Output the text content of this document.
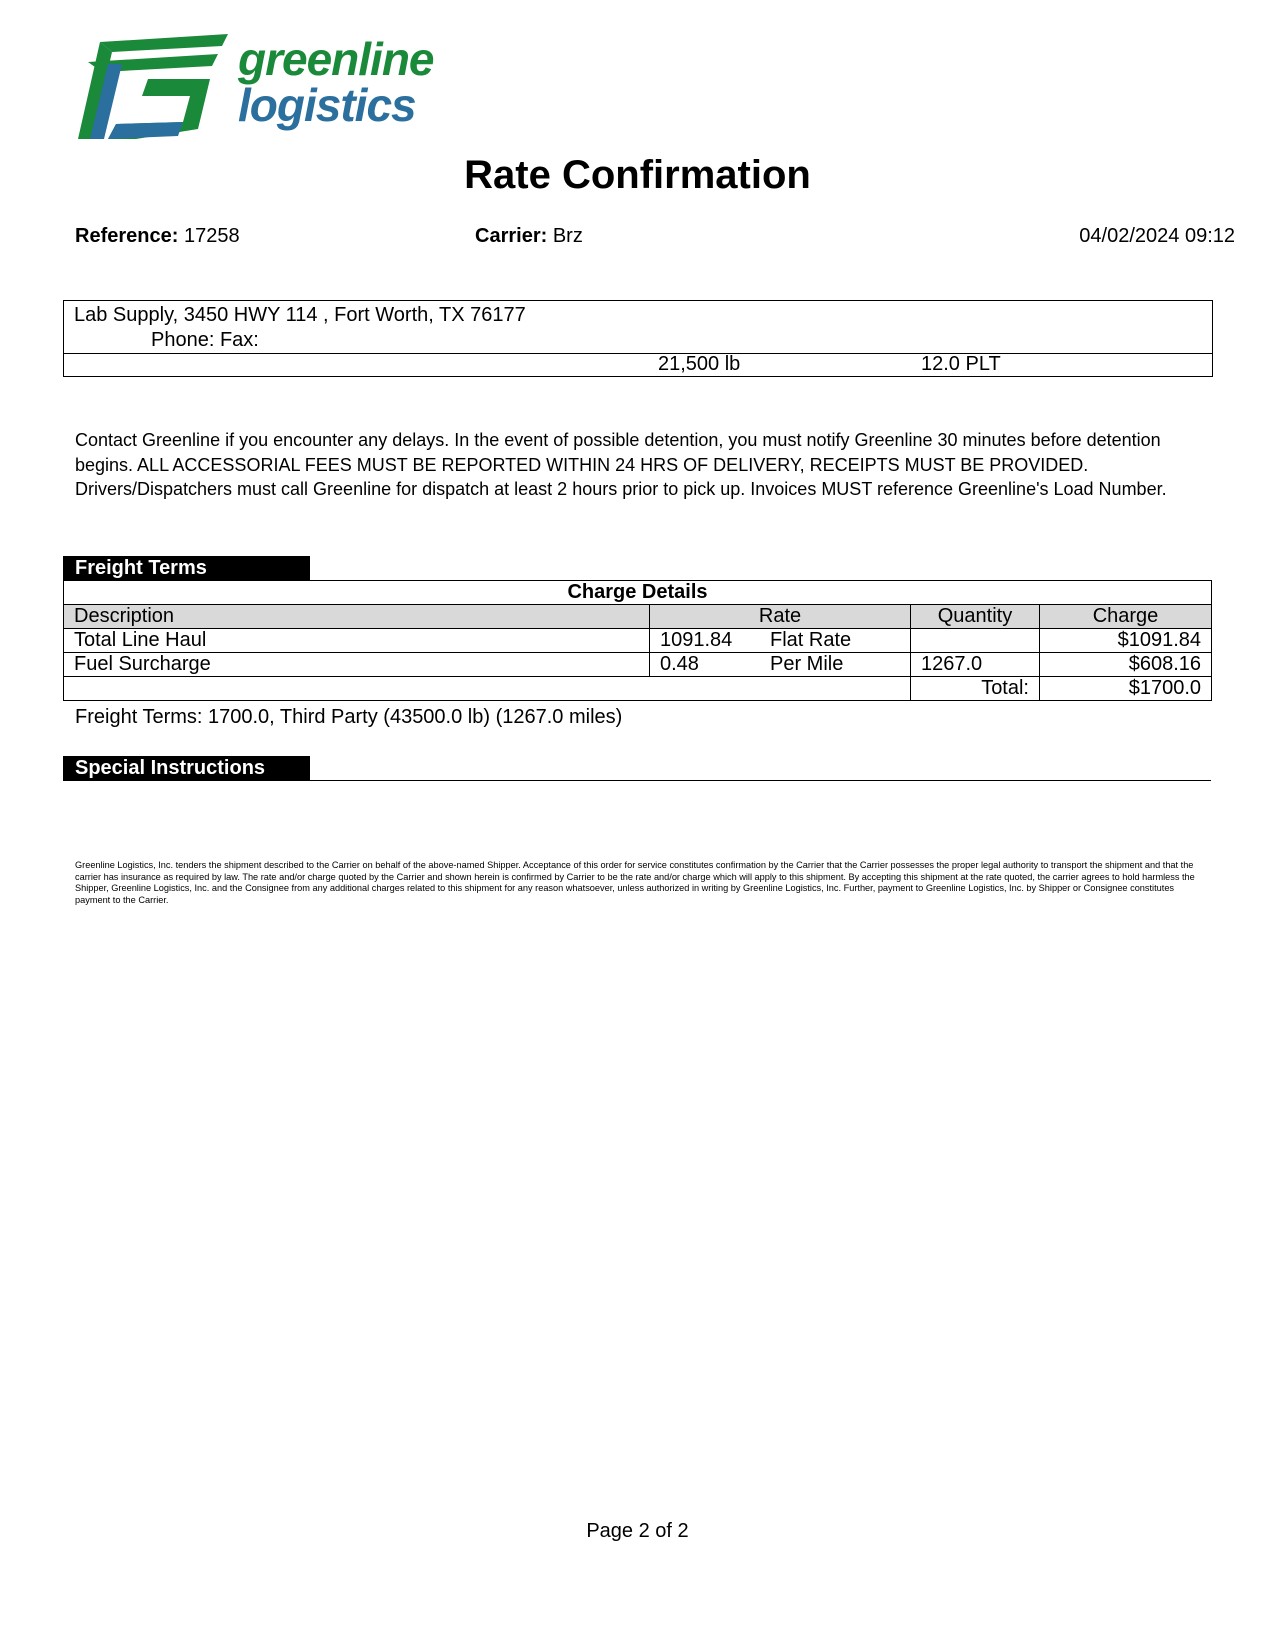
greenline
logistics
Rate Confirmation
Reference: 17258	Carrier: Brz	04/02/2024 09:12
Lab Supply, 3450 HWY 114 , Fort Worth, TX 76177
Phone: Fax:
21,500 lb	12.0 PLT
Contact Greenline if you encounter any delays. In the event of possible detention, you must notify Greenline 30 minutes before detention begins. ALL ACCESSORIAL FEES MUST BE REPORTED WITHIN 24 HRS OF DELIVERY, RECEIPTS MUST BE PROVIDED. Drivers/Dispatchers must call Greenline for dispatch at least 2 hours prior to pick up. Invoices MUST reference Greenline's Load Number.
Freight Terms
Charge Details			
Description	Rate	Quantity	Charge
Total Line Haul	1091.84 Flat Rate		$1091.84
Fuel Surcharge	0.48 Per Mile	1267.0	$608.16
		Total:	$1700.0
Freight Terms: 1700.0, Third Party (43500.0 lb) (1267.0 miles)
Special Instructions
Greenline Logistics, Inc. tenders the shipment described to the Carrier on behalf of the above-named Shipper. Acceptance of this order for service constitutes confirmation by the Carrier that the Carrier possesses the proper legal authority to transport the shipment and that the carrier has insurance as required by law. The rate and/or charge quoted by the Carrier and shown herein is confirmed by Carrier to be the rate and/or charge which will apply to this shipment. By accepting this shipment at the rate quoted, the carrier agrees to hold harmless the Shipper, Greenline Logistics, Inc. and the Consignee from any additional charges related to this shipment for any reason whatsoever, unless authorized in writing by Greenline Logistics, Inc. Further, payment to Greenline Logistics, Inc. by Shipper or Consignee constitutes payment to the Carrier.
Page 2 of 2
